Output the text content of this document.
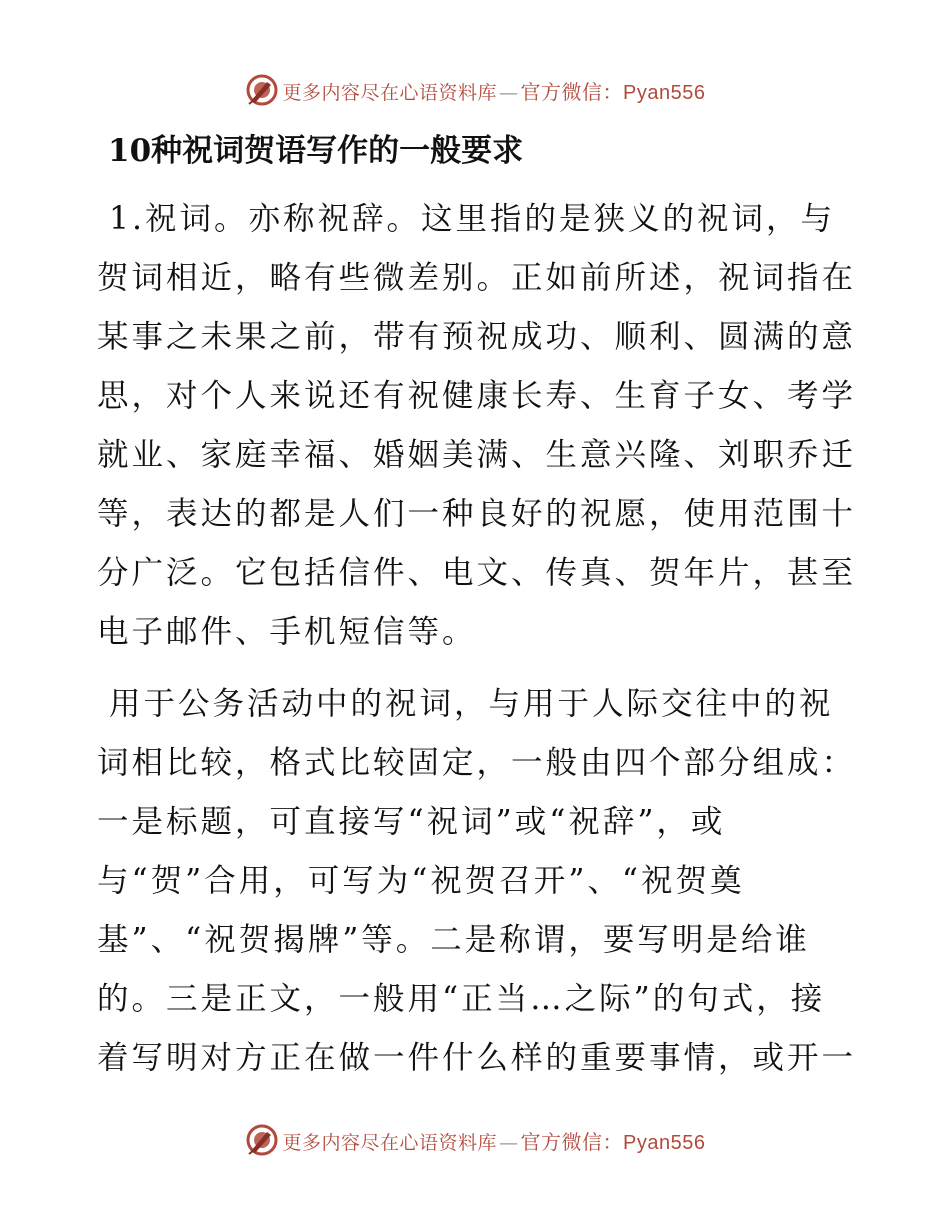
更多内容尽在心语资料库 — 官方微信：Pyan556
10种祝词贺语写作的一般要求

1.祝词。亦称祝辞。这里指的是狭义的祝词，与
贺词相近，略有些微差别。正如前所述，祝词指在
某事之未果之前，带有预祝成功、顺利、圆满的意
思，对个人来说还有祝健康长寿、生育子女、考学
就业、家庭幸福、婚姻美满、生意兴隆、刘职乔迁
等，表达的都是人们一种良好的祝愿，使用范围十
分广泛。它包括信件、电文、传真、贺年片，甚至
电子邮件、手机短信等。

用于公务活动中的祝词，与用于人际交往中的祝
词相比较，格式比较固定，一般由四个部分组成：
一是标题，可直接写“祝词”或“祝辞”，或
与“贺”合用，可写为“祝贺召开”、“祝贺奠
基”、“祝贺揭牌”等。二是称谓，要写明是给谁
的。三是正文，一般用“正当…之际”的句式，接
着写明对方正在做一件什么样的重要事情，或开一

更多内容尽在心语资料库 — 官方微信：Pyan556
